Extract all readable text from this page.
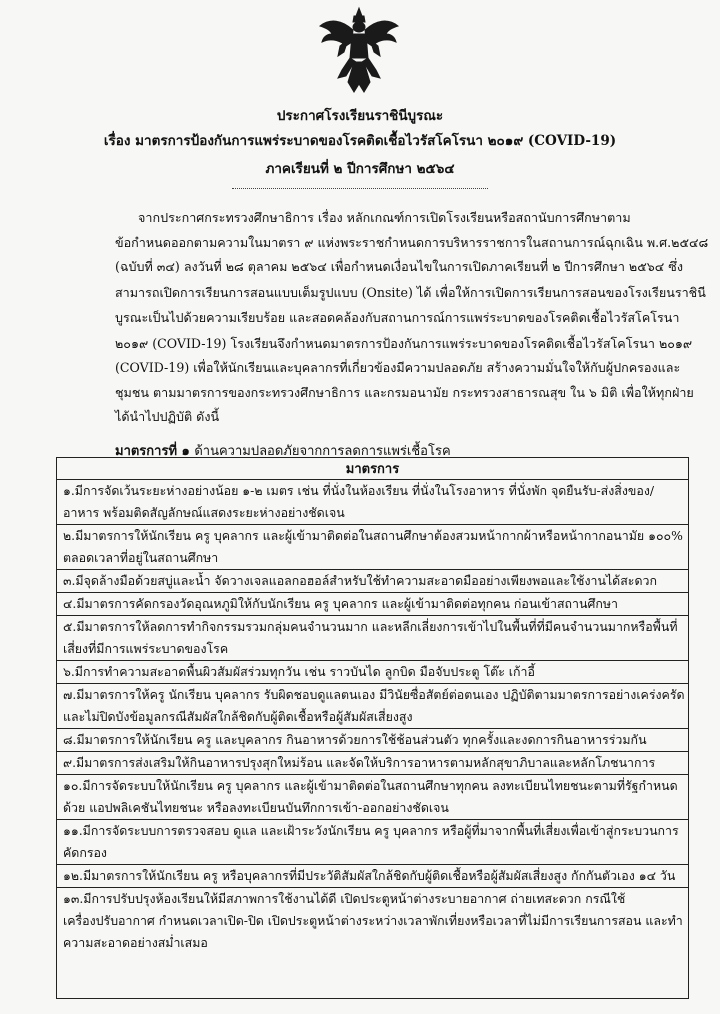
ประกาศโรงเรียนราชินีบูรณะ
เรื่อง มาตรการป้องกันการแพร่ระบาดของโรคติดเชื้อไวรัสโคโรนา ๒๐๑๙ (COVID-19)
ภาคเรียนที่ ๒ ปีการศึกษา ๒๕๖๔
จากประกาศกระทรวงศึกษาธิการ เรื่อง หลักเกณฑ์การเปิดโรงเรียนหรือสถานับการศึกษาตาม
ข้อกำหนดออกตามความในมาตรา ๙ แห่งพระราชกำหนดการบริหารราชการในสถานการณ์ฉุกเฉิน พ.ศ.๒๕๔๘
(ฉบับที่ ๓๔) ลงวันที่ ๒๘ ตุลาคม ๒๕๖๔ เพื่อกำหนดเงื่อนไขในการเปิดภาคเรียนที่ ๒ ปีการศึกษา ๒๕๖๔ ซึ่ง
สามารถเปิดการเรียนการสอนแบบเต็มรูปแบบ (Onsite) ได้ เพื่อให้การเปิดการเรียนการสอนของโรงเรียนราชินี
บูรณะเป็นไปด้วยความเรียบร้อย และสอดคล้องกับสถานการณ์การแพร่ระบาดของโรคติดเชื้อไวรัสโคโรนา
๒๐๑๙ (COVID-19) โรงเรียนจึงกำหนดมาตรการป้องกันการแพร่ระบาดของโรคติดเชื้อไวรัสโคโรนา ๒๐๑๙
(COVID-19) เพื่อให้นักเรียนและบุคลากรที่เกี่ยวข้องมีความปลอดภัย สร้างความมั่นใจให้กับผู้ปกครองและ
ชุมชน ตามมาตรการของกระทรวงศึกษาธิการ และกรมอนามัย กระทรวงสาธารณสุข ใน ๖ มิติ เพื่อให้ทุกฝ่าย
ได้นำไปปฏิบัติ ดังนี้
มาตรการที่ ๑ ด้านความปลอดภัยจากการลดการแพร่เชื้อโรค
มาตรการ

๑.มีการจัดเว้นระยะห่างอย่างน้อย ๑-๒ เมตร เช่น ที่นั่งในห้องเรียน ที่นั่งในโรงอาหาร ที่นั่งพัก จุดยืนรับ-ส่งสิ่งของ/
อาหาร พร้อมติดสัญลักษณ์แสดงระยะห่างอย่างชัดเจน

๒.มีมาตรการให้นักเรียน ครู บุคลากร และผู้เข้ามาติดต่อในสถานศึกษาต้องสวมหน้ากากผ้าหรือหน้ากากอนามัย ๑๐๐%
ตลอดเวลาที่อยู่ในสถานศึกษา

๓.มีจุดล้างมือด้วยสบู่และน้ำ จัดวางเจลแอลกอฮอล์สำหรับใช้ทำความสะอาดมืออย่างเพียงพอและใช้งานได้สะดวก

๔.มีมาตรการคัดกรองวัดอุณหภูมิให้กับนักเรียน ครู บุคลากร และผู้เข้ามาติดต่อทุกคน ก่อนเข้าสถานศึกษา

๕.มีมาตรการให้ลดการทำกิจกรรมรวมกลุ่มคนจำนวนมาก และหลีกเลี่ยงการเข้าไปในพื้นที่ที่มีคนจำนวนมากหรือพื้นที่
เสี่ยงที่มีการแพร่ระบาดของโรค

๖.มีการทำความสะอาดพื้นผิวสัมผัสร่วมทุกวัน เช่น ราวบันได ลูกบิด มือจับประตู โต๊ะ เก้าอี้

๗.มีมาตรการให้ครู นักเรียน บุคลากร รับผิดชอบดูแลตนเอง มีวินัยซื่อสัตย์ต่อตนเอง ปฏิบัติตามมาตรการอย่างเคร่งครัด
และไม่ปิดบังข้อมูลกรณีสัมผัสใกล้ชิดกับผู้ติดเชื้อหรือผู้สัมผัสเสี่ยงสูง

๘.มีมาตรการให้นักเรียน ครู และบุคลากร กินอาหารด้วยการใช้ช้อนส่วนตัว ทุกครั้งและงดการกินอาหารร่วมกัน

๙.มีมาตรการส่งเสริมให้กินอาหารปรุงสุกใหม่ร้อน และจัดให้บริการอาหารตามหลักสุขาภิบาลและหลักโภชนาการ

๑๐.มีการจัดระบบให้นักเรียน ครู บุคลากร และผู้เข้ามาติดต่อในสถานศึกษาทุกคน ลงทะเบียนไทยชนะตามที่รัฐกำหนด
ด้วย แอปพลิเคชันไทยชนะ หรือลงทะเบียนบันทึกการเข้า-ออกอย่างชัดเจน

๑๑.มีการจัดระบบการตรวจสอบ ดูแล และเฝ้าระวังนักเรียน ครู บุคลากร หรือผู้ที่มาจากพื้นที่เสี่ยงเพื่อเข้าสู่กระบวนการ
คัดกรอง

๑๒.มีมาตรการให้นักเรียน ครู หรือบุคลากรที่มีประวัติสัมผัสใกล้ชิดกับผู้ติดเชื้อหรือผู้สัมผัสเสี่ยงสูง กักกันตัวเอง ๑๔ วัน

๑๓.มีการปรับปรุงห้องเรียนให้มีสภาพการใช้งานได้ดี เปิดประตูหน้าต่างระบายอากาศ ถ่ายเทสะดวก กรณีใช้
เครื่องปรับอากาศ กำหนดเวลาเปิด-ปิด เปิดประตูหน้าต่างระหว่างเวลาพักเที่ยงหรือเวลาที่ไม่มีการเรียนการสอน และทำ
ความสะอาดอย่างสม่ำเสมอ
